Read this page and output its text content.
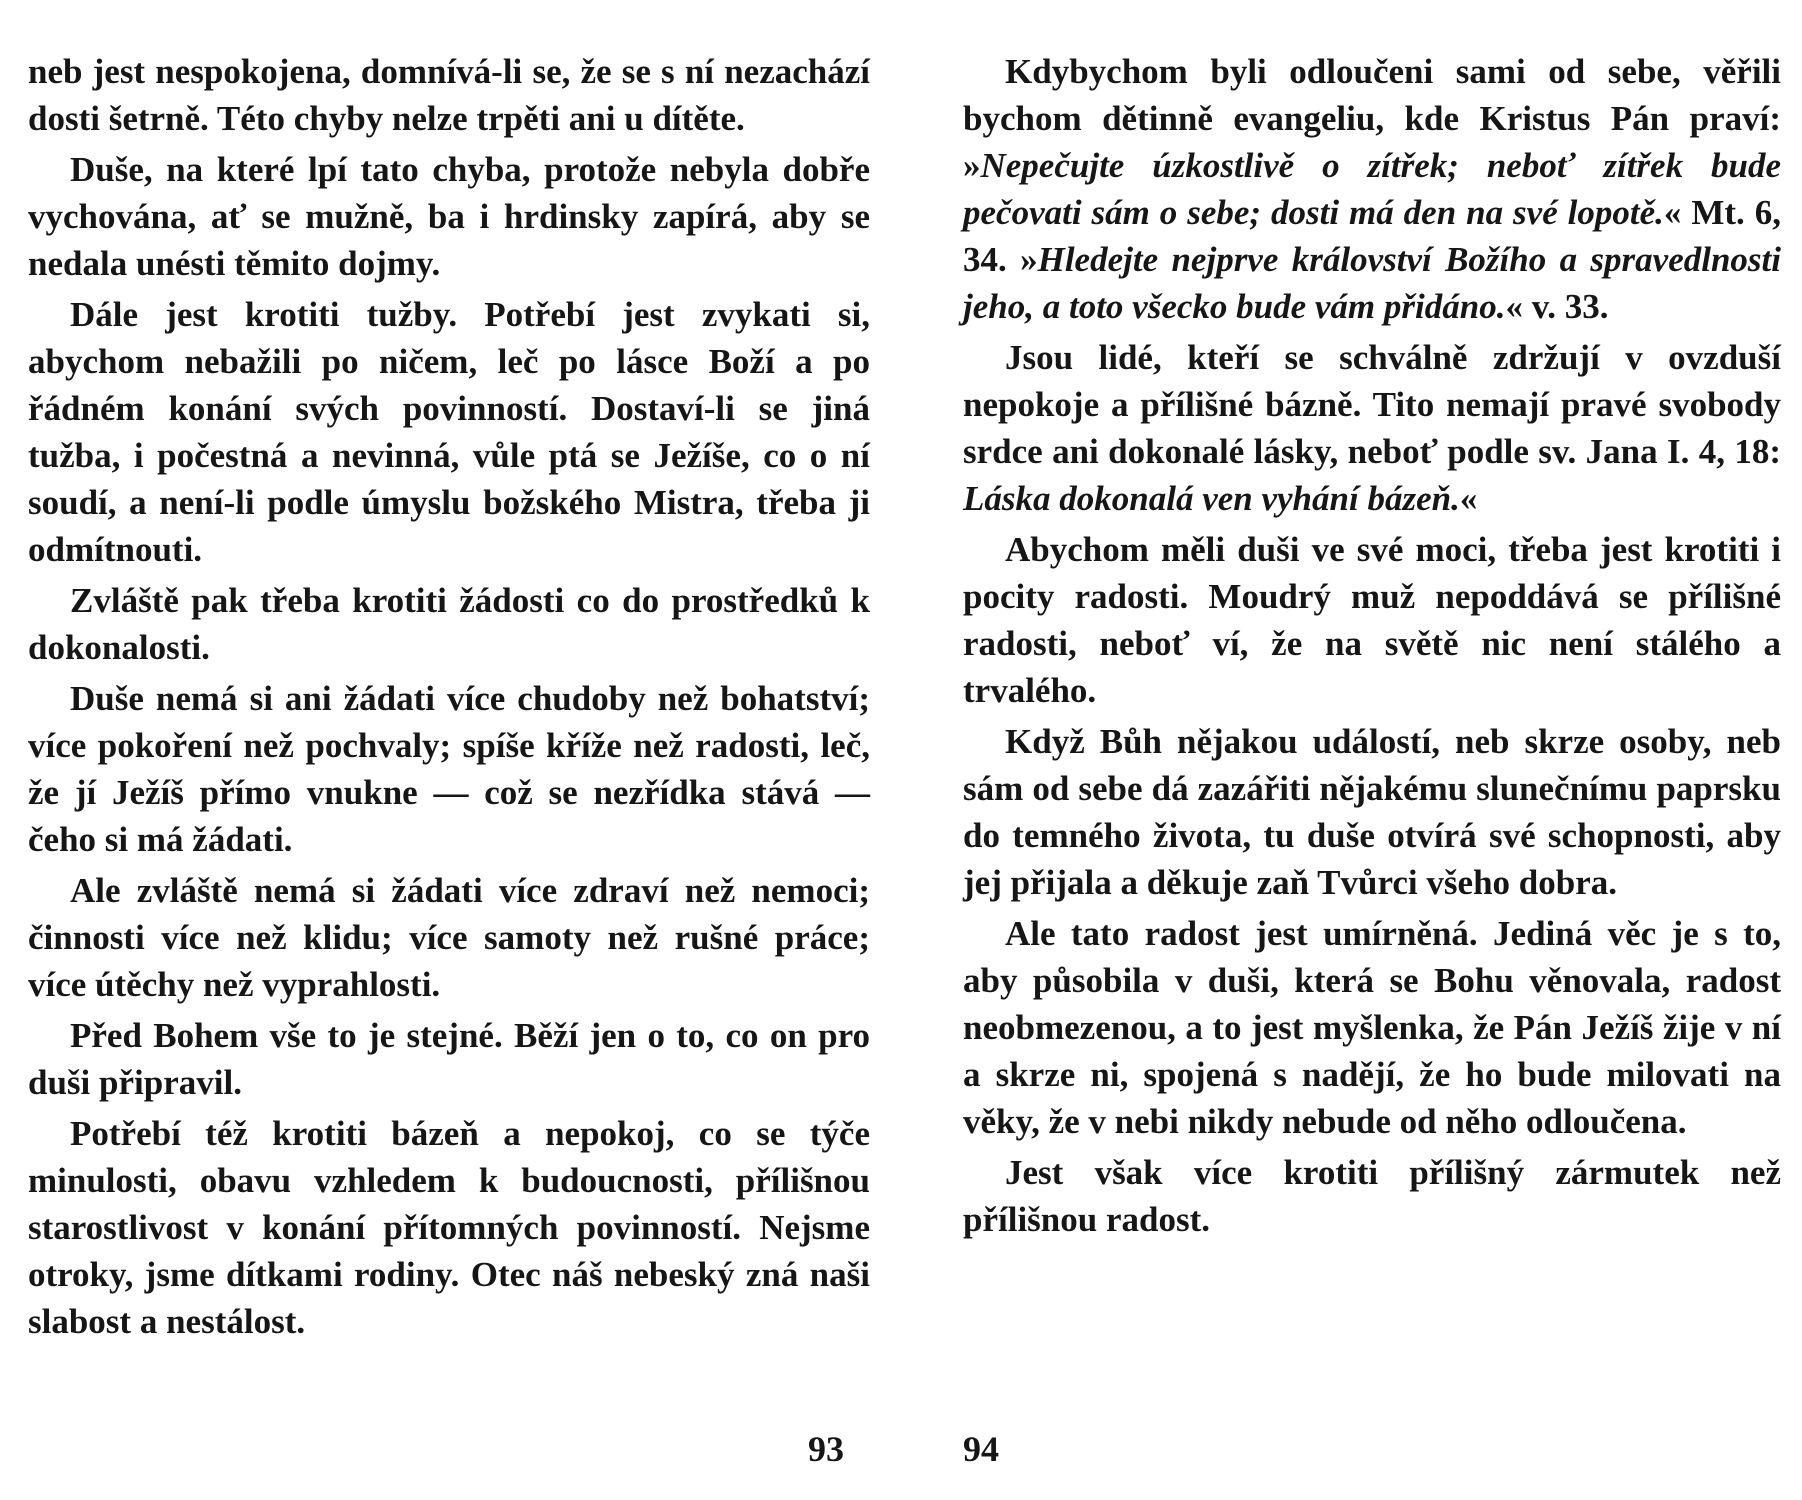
neb jest nespokojena, domnívá-li se, že se s ní nezachází dosti šetrně. Této chyby nelze trpěti ani u dítěte.

Duše, na které lpí tato chyba, protože nebyla dobře vychována, ať se mužně, ba i hrdinsky zapírá, aby se nedala unésti těmito dojmy.

Dále jest krotiti tužby. Potřebí jest zvykati si, abychom nebažili po ničem, leč po lásce Boží a po řádném konání svých povinností. Dostaví-li se jiná tužba, i počestná a nevinná, vůle ptá se Ježíše, co o ní soudí, a není-li podle úmyslu božského Mistra, třeba ji odmítnouti.

Zvláště pak třeba krotiti žádosti co do prostředků k dokonalosti.

Duše nemá si ani žádati více chudoby než bohatství; více pokoření než pochvaly; spíše kříže než radosti, leč, že jí Ježíš přímo vnukne — což se nezřídka stává — čeho si má žádati.

Ale zvláště nemá si žádati více zdraví než nemoci; činnosti více než klidu; více samoty než rušné práce; více útěchy než vyprahlosti.

Před Bohem vše to je stejné. Běží jen o to, co on pro duši připravil.

Potřebí též krotiti bázeň a nepokoj, co se týče minulosti, obavu vzhledem k budoucnosti, přílišnou starostlivost v konání přítomných povinností. Nejsme otroky, jsme dítkami rodiny. Otec náš nebeský zná naši slabost a nestálost.

Kdybychom byli odloučeni sami od sebe, věřili bychom dětinně evangeliu, kde Kristus Pán praví: »Nepečujte úzkostlivě o zítřek; neboť zítřek bude pečovati sám o sebe; dosti má den na své lopotě.« Mt. 6, 34. »Hledejte nejprve království Božího a spravedlnosti jeho, a toto všecko bude vám přidáno.« v. 33.

Jsou lidé, kteří se schválně zdržují v ovzduší nepokoje a přílišné bázně. Tito nemají pravé svobody srdce ani dokonalé lásky, neboť podle sv. Jana I. 4, 18: Láska dokonalá ven vyhání bázeň.«

Abychom měli duši ve své moci, třeba jest krotiti i pocity radosti. Moudrý muž nepoddává se přílišné radosti, neboť ví, že na světě nic není stálého a trvalého.

Když Bůh nějakou událostí, neb skrze osoby, neb sám od sebe dá zazářiti nějakému slunečnímu paprsku do temného života, tu duše otvírá své schopnosti, aby jej přijala a děkuje zaň Tvůrci všeho dobra.

Ale tato radost jest umírněná. Jediná věc je s to, aby působila v duši, která se Bohu věnovala, radost neobmezenou, a to jest myšlenka, že Pán Ježíš žije v ní a skrze ni, spojená s nadějí, že ho bude milovati na věky, že v nebi nikdy nebude od něho odloučena.

Jest však více krotiti přílišný zármutek než přílišnou radost.

93	94
